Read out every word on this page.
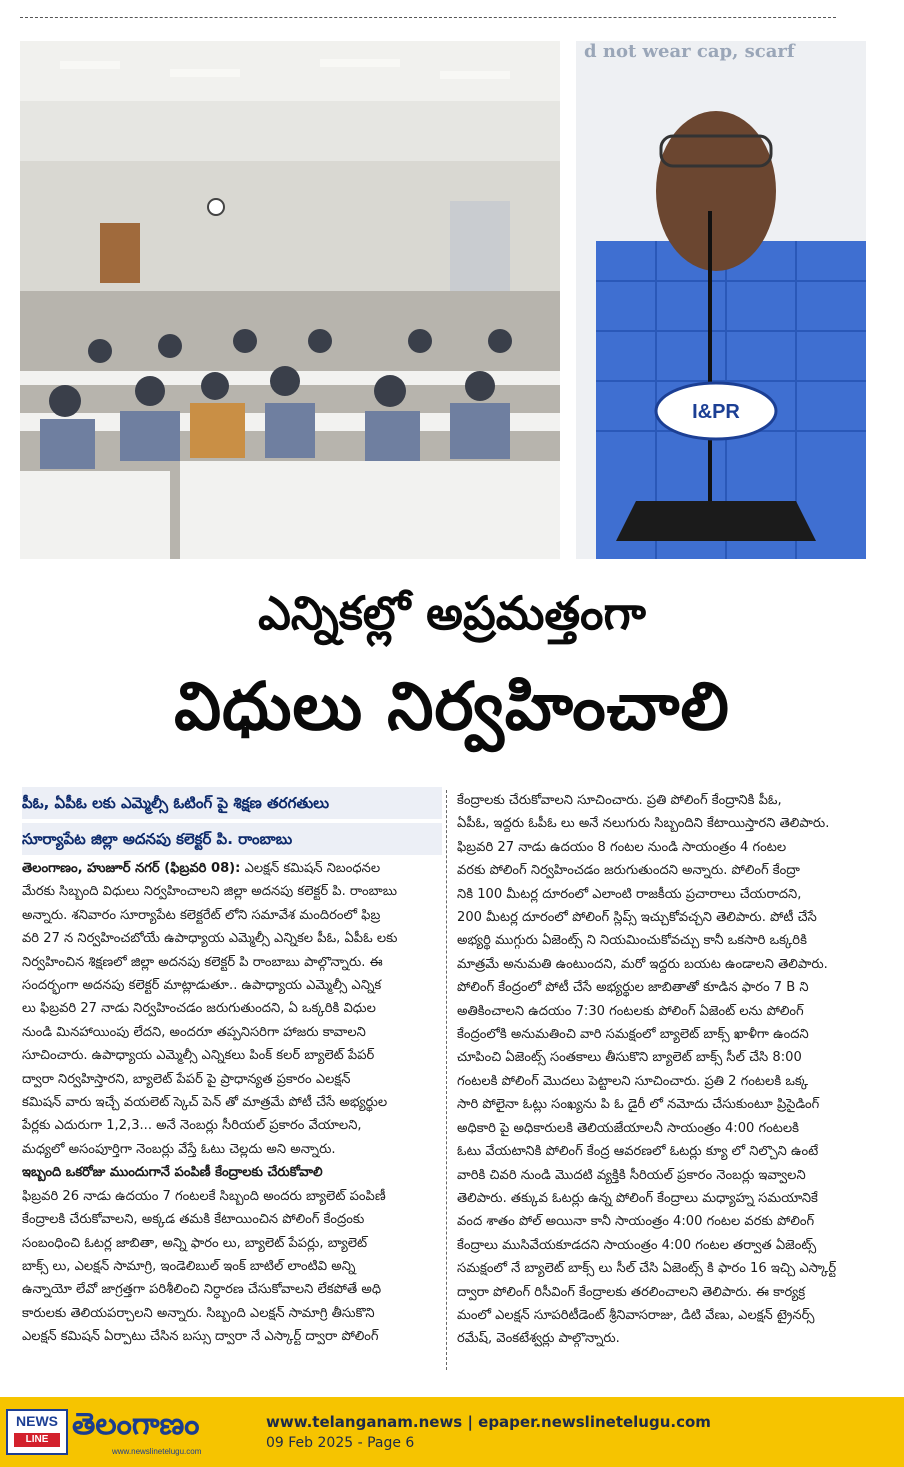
d not wear cap, scarf
I&PR
ఎన్నికల్లో అప్రమత్తంగా
విధులు నిర్వహించాలి
పీఓ, ఏపీఓ లకు ఎమ్మెల్సీ ఓటింగ్ పై శిక్షణ తరగతులు
సూర్యాపేట జిల్లా అదనపు కలెక్టర్ పి. రాంబాబు

తెలంగాణం, హుజూర్ నగర్ (ఫిబ్రవరి 08): ఎలక్షన్ కమిషన్ నిబంధనల

మేరకు సిబ్బంది విధులు నిర్వహించాలని జిల్లా అదనపు కలెక్టర్ పి. రాంబాబు

అన్నారు. శనివారం సూర్యాపేట కలెక్టరేట్ లోని సమావేశ మందిరంలో ఫిబ్ర

వరి 27 న నిర్వహించబోయే ఉపాధ్యాయ ఎమ్మెల్సీ ఎన్నికల పీఓ, ఏపీఓ లకు

నిర్వహించిన శిక్షణలో జిల్లా అదనపు కలెక్టర్ పి రాంబాబు పాల్గొన్నారు. ఈ

సందర్భంగా అదనపు కలెక్టర్ మాట్లాడుతూ.. ఉపాధ్యాయ ఎమ్మెల్సీ ఎన్నిక

లు ఫిబ్రవరి 27 నాడు నిర్వహించడం జరుగుతుందని, ఏ ఒక్కరికి విధుల

నుండి మినహాయింపు లేదని, అందరూ తప్పనిసరిగా హాజరు కావాలని

సూచించారు. ఉపాధ్యాయ ఎమ్మెల్సీ ఎన్నికలు పింక్ కలర్ బ్యాలెట్ పేపర్

ద్వారా నిర్వహిస్తారని, బ్యాలెట్ పేపర్ పై ప్రాధాన్యత ప్రకారం ఎలక్షన్

కమిషన్ వారు ఇచ్చే వయలెట్ స్కెచ్ పెన్ తో మాత్రమే పోటీ చేసే అభ్యర్థుల

పేర్లకు ఎదురుగా 1,2,3... అనే నెంబర్లు సీరియల్ ప్రకారం వేయాలని,

మధ్యలో అసంపూర్తిగా నెంబర్లు వేస్తే ఓటు చెల్లదు అని అన్నారు.

ఇబ్బంది ఒకరోజు ముందుగానే పంపిణీ కేంద్రాలకు చేరుకోవాలి

ఫిబ్రవరి 26 నాడు ఉదయం 7 గంటలకే సిబ్బంది అందరు బ్యాలెట్ పంపిణీ

కేంద్రాలకి చేరుకోవాలని, అక్కడ తమకి కేటాయించిన పోలింగ్ కేంద్రంకు

సంబంధించి ఓటర్ల జాబితా, అన్ని ఫారం లు, బ్యాలెట్ పేపర్లు, బ్యాలెట్

బాక్స్ లు, ఎలక్షన్ సామాగ్రి, ఇండెలిబుల్ ఇంక్ బాటిల్ లాంటివి అన్ని

ఉన్నాయో లేవో జాగ్రత్తగా పరిశీలించి నిర్ధారణ చేసుకోవాలని లేకపోతే అధి

కారులకు తెలియపర్చాలని అన్నారు. సిబ్బంది ఎలక్షన్ సామాగ్రి తీసుకొని

ఎలక్షన్ కమిషన్ ఏర్పాటు చేసిన బస్సు ద్వారా నే ఎస్కార్ట్ ద్వారా పోలింగ్

కేంద్రాలకు చేరుకోవాలని సూచించారు. ప్రతి పోలింగ్ కేంద్రానికి పీఓ,

ఏపీఓ, ఇద్దరు ఓపీఓ లు అనే నలుగురు సిబ్బందిని కేటాయిస్తారని తెలిపారు.

ఫిబ్రవరి 27 నాడు ఉదయం 8 గంటల నుండి సాయంత్రం 4 గంటల

వరకు పోలింగ్ నిర్వహించడం జరుగుతుందని అన్నారు. పోలింగ్ కేంద్రా

నికి 100 మీటర్ల దూరంలో ఎలాంటి రాజకీయ ప్రచారాలు చేయరాదని,

200 మీటర్ల దూరంలో పోలింగ్ స్లిప్స్ ఇచ్చుకోవచ్చని తెలిపారు. పోటీ చేసే

అభ్యర్థి ముగ్గురు ఏజెంట్స్ ని నియమించుకోవచ్చు కానీ ఒకసారి ఒక్కరికి

మాత్రమే అనుమతి ఉంటుందని, మరో ఇద్దరు బయట ఉండాలని తెలిపారు.

పోలింగ్ కేంద్రంలో పోటీ చేసే అభ్యర్థుల జాబితాతో కూడిన ఫారం 7 B ని

అతికించాలని ఉదయం 7:30 గంటలకు పోలింగ్ ఏజెంట్ లను పోలింగ్

కేంద్రంలోకి అనుమతించి వారి సమక్షంలో బ్యాలెట్ బాక్స్ ఖాళీగా ఉందని

చూపించి ఏజెంట్స్ సంతకాలు తీసుకొని బ్యాలెట్ బాక్స్ సీల్ చేసి 8:00

గంటలకి పోలింగ్ మొదలు పెట్టాలని సూచించారు. ప్రతి 2 గంటలకి ఒక్క

సారి పోలైనా ఓట్లు సంఖ్యను పి ఓ డైరీ లో నమోదు చేసుకుంటూ ప్రిసైడింగ్

అధికారి పై అధికారులకి తెలియజేయాలనీ సాయంత్రం 4:00 గంటలకి

ఓటు వేయటానికి పోలింగ్ కేంద్ర ఆవరణలో ఓటర్లు క్యూ లో నిల్చొని ఉంటే

వారికి చివరి నుండి మొదటి వ్యక్తికి సీరియల్ ప్రకారం నెంబర్లు ఇవ్వాలని

తెలిపారు. తక్కువ ఓటర్లు ఉన్న పోలింగ్ కేంద్రాలు మధ్యాహ్న సమయానికే

వంద శాతం పోల్ అయినా కానీ సాయంత్రం 4:00 గంటల వరకు పోలింగ్

కేంద్రాలు ముసివేయకూడదని సాయంత్రం 4:00 గంటల తర్వాత ఏజెంట్స్

సమక్షంలో నే బ్యాలెట్ బాక్స్ లు సీల్ చేసి ఏజెంట్స్ కి ఫారం 16 ఇచ్చి ఎస్కార్ట్

ద్వారా పోలింగ్ రిసీవింగ్ కేంద్రాలకు తరలించాలని తెలిపారు. ఈ కార్యక్ర

మంలో ఎలక్షన్ సూపరిటీడెంట్ శ్రీనివాసరాజు, డిటి వేణు, ఎలక్షన్ ట్రైనర్స్

రమేష్, వెంకటేశ్వర్లు పాల్గొన్నారు.

NEWS
LINE తెలంగాణం
www.newslinetelugu.com
www.telanganam.news | epaper.newslinetelugu.com
09 Feb 2025 - Page 6
